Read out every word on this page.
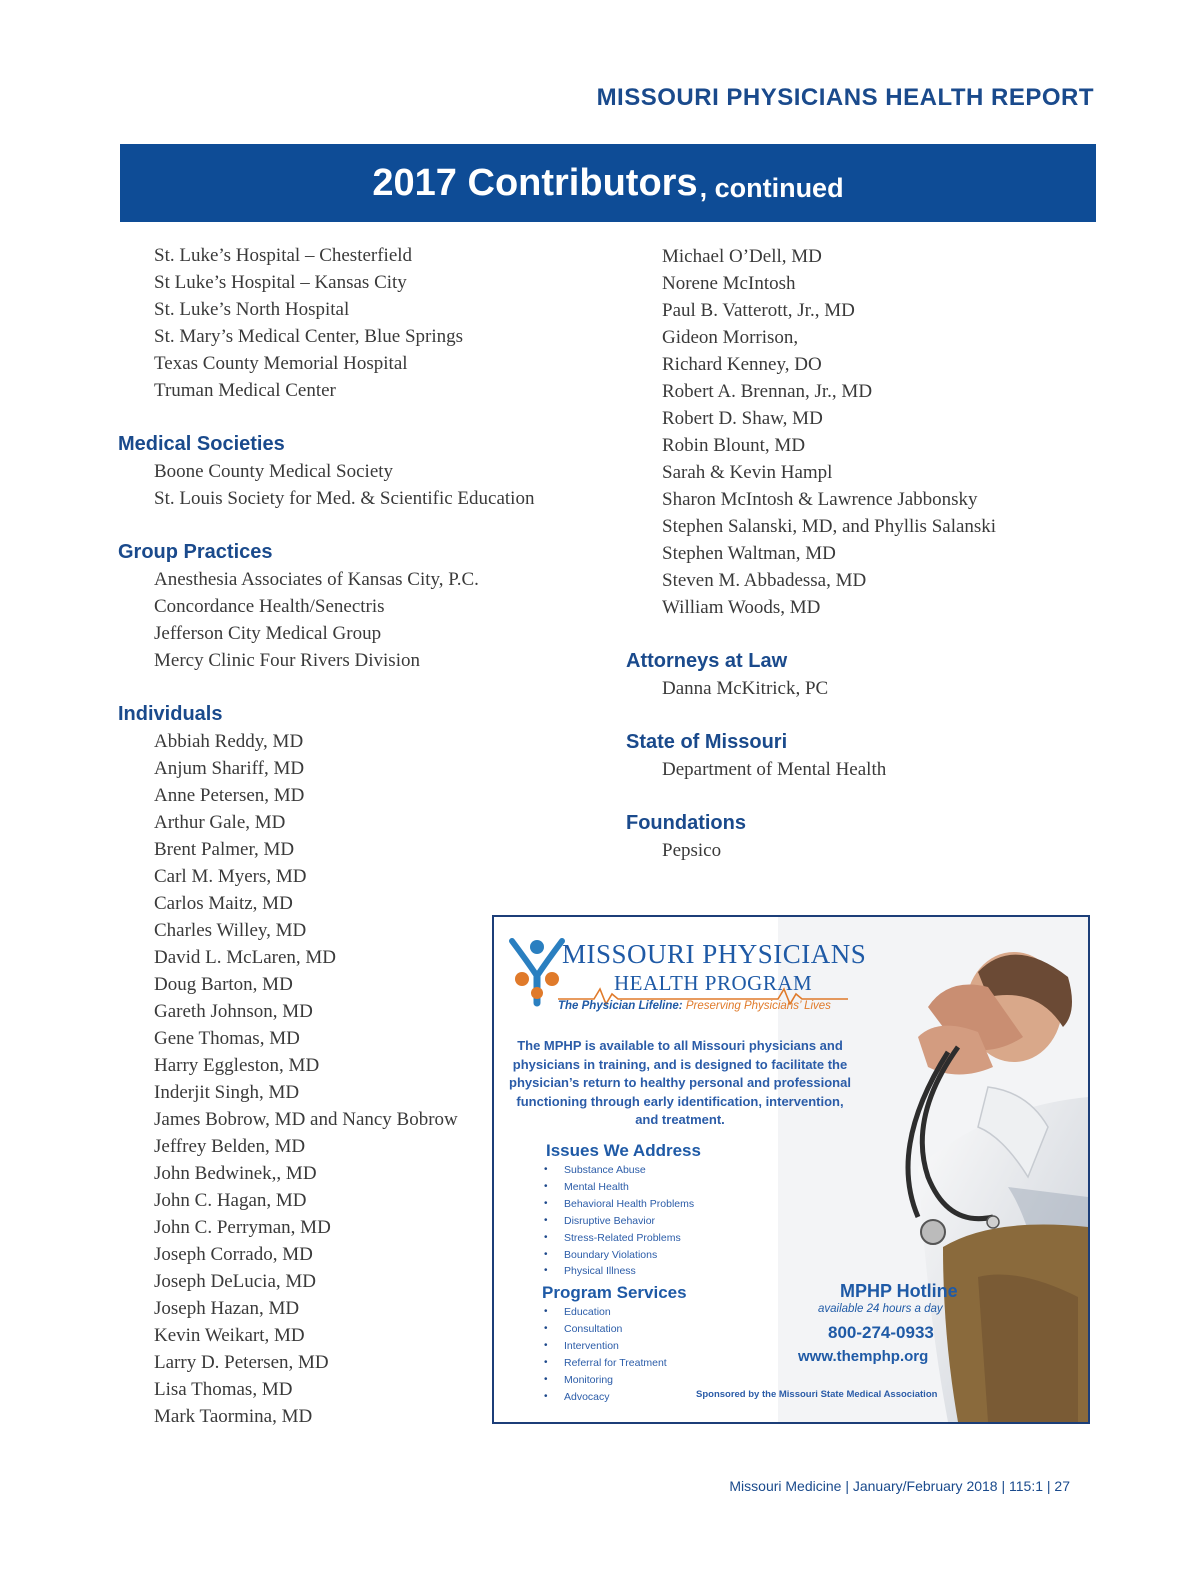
MISSOURI PHYSICIANS HEALTH REPORT
2017 Contributors , continued
St. Luke’s Hospital – Chesterfield
St Luke’s Hospital – Kansas City
St. Luke’s North Hospital
St. Mary’s Medical Center, Blue Springs
Texas County Memorial Hospital
Truman Medical Center
Medical Societies
Boone County Medical Society
St. Louis Society for Med. & Scientific Education
Group Practices
Anesthesia Associates of Kansas City, P.C.
Concordance Health/Senectris
Jefferson City Medical Group
Mercy Clinic Four Rivers Division
Individuals
Abbiah Reddy, MD
Anjum Shariff, MD
Anne Petersen, MD
Arthur Gale, MD
Brent Palmer, MD
Carl M. Myers, MD
Carlos Maitz, MD
Charles Willey, MD
David L. McLaren, MD
Doug Barton, MD
Gareth Johnson, MD
Gene Thomas, MD
Harry Eggleston, MD
Inderjit Singh, MD
James Bobrow, MD and Nancy Bobrow
Jeffrey Belden, MD
John Bedwinek,, MD
John C. Hagan, MD
John C. Perryman, MD
Joseph Corrado, MD
Joseph DeLucia, MD
Joseph Hazan, MD
Kevin Weikart, MD
Larry D. Petersen, MD
Lisa Thomas, MD
Mark Taormina, MD
Michael O’Dell, MD
Norene McIntosh
Paul B. Vatterott, Jr., MD
Gideon Morrison,
Richard Kenney, DO
Robert A. Brennan, Jr., MD
Robert D. Shaw, MD
Robin Blount, MD
Sarah & Kevin Hampl
Sharon McIntosh & Lawrence Jabbonsky
Stephen Salanski, MD, and Phyllis Salanski
Stephen Waltman, MD
Steven M. Abbadessa, MD
William Woods, MD
Attorneys at Law
Danna McKitrick, PC
State of Missouri
Department of Mental Health
Foundations
Pepsico
MISSOURI PHYSICIANS
HEALTH PROGRAM
The Physician Lifeline: Preserving Physicians’ Lives
The MPHP is available to all Missouri physicians and physicians in training, and is designed to facilitate the physician’s return to healthy personal and professional functioning through early identification, intervention, and treatment.
Issues We Address
• Substance Abuse
• Mental Health
• Behavioral Health Problems
• Disruptive Behavior
• Stress-Related Problems
• Boundary Violations
• Physical Illness
Program Services
• Education
• Consultation
• Intervention
• Referral for Treatment
• Monitoring
• Advocacy
MPHP Hotline
available 24 hours a day
800-274-0933
www.themphp.org
Sponsored by the Missouri State Medical Association
Missouri Medicine | January/February 2018 | 115:1 | 27
